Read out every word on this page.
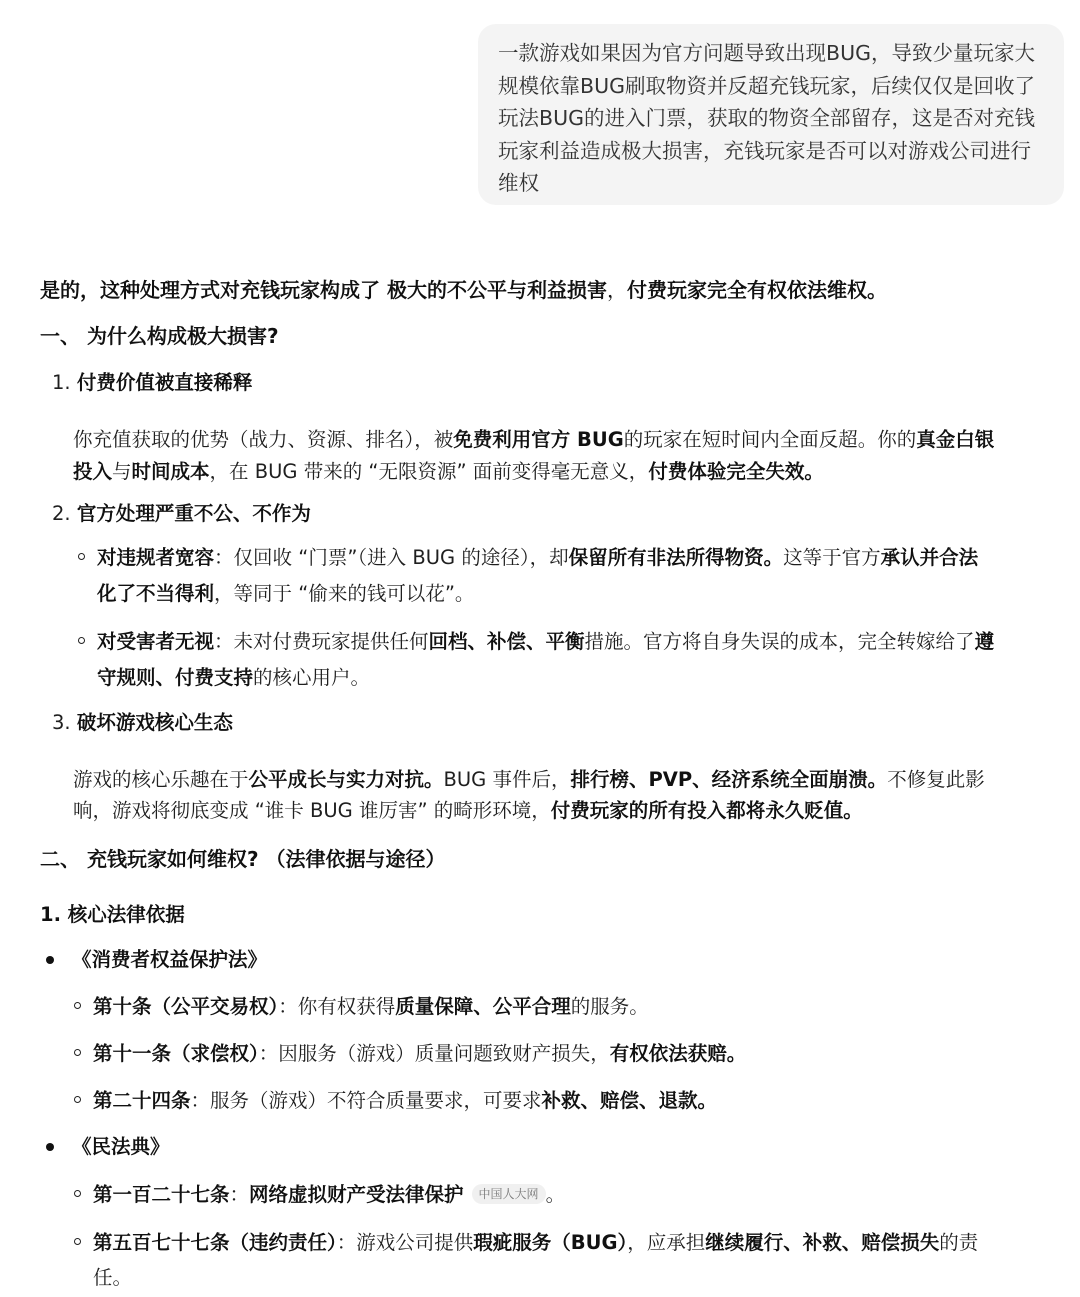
一款游戏如果因为官方问题导致出现BUG，导致少量玩家大
规模依靠BUG刷取物资并反超充钱玩家，后续仅仅是回收了
玩法BUG的进入门票，获取的物资全部留存，这是否对充钱
玩家利益造成极大损害，充钱玩家是否可以对游戏公司进行
维权
是的，这种处理方式对充钱玩家构成了 极大的不公平与利益损害，付费玩家完全有权依法维权。
一、 为什么构成极大损害?
1. 付费价值被直接稀释
你充值获取的优势（战力、资源、排名），被免费利用官方 BUG的玩家在短时间内全面反超。你的真金白银
投入与时间成本，在 BUG 带来的 “无限资源” 面前变得毫无意义，付费体验完全失效。
2. 官方处理严重不公、不作为
对违规者宽容：仅回收 “门票”（进入 BUG 的途径），却保留所有非法所得物资。这等于官方承认并合法
化了不当得利，等同于 “偷来的钱可以花”。
对受害者无视：未对付费玩家提供任何回档、补偿、平衡措施。官方将自身失误的成本，完全转嫁给了遵
守规则、付费支持的核心用户。
3. 破坏游戏核心生态
游戏的核心乐趣在于公平成长与实力对抗。BUG 事件后，排行榜、PVP、经济系统全面崩溃。不修复此影
响，游戏将彻底变成 “谁卡 BUG 谁厉害” 的畸形环境，付费玩家的所有投入都将永久贬值。
二、 充钱玩家如何维权? （法律依据与途径）
1. 核心法律依据
《消费者权益保护法》
第十条（公平交易权）：你有权获得质量保障、公平合理的服务。
第十一条（求偿权）：因服务（游戏）质量问题致财产损失，有权依法获赔。
第二十四条：服务（游戏）不符合质量要求，可要求补救、赔偿、退款。
《民法典》
第一百二十七条：网络虚拟财产受法律保护 中国人大网 。
第五百七十七条（违约责任）：游戏公司提供瑕疵服务（BUG），应承担继续履行、补救、赔偿损失的责
任。
